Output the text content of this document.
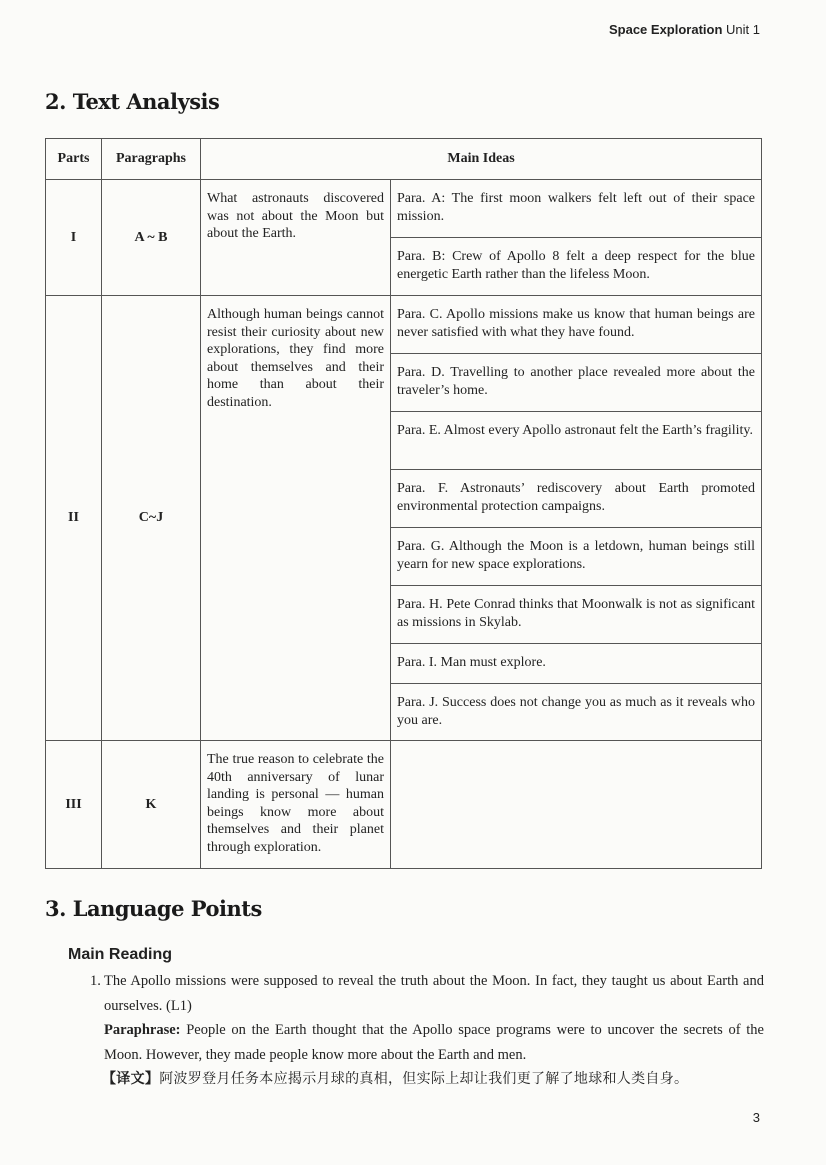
Space Exploration Unit 1
2. Text Analysis
Parts	Paragraphs	Main Ideas	
I	A ~ B	What astronauts discovered was not about the Moon but about the Earth.	Para. A: The first moon walkers felt left out of their space mission.
			Para. B: Crew of Apollo 8 felt a deep respect for the blue energetic Earth rather than the lifeless Moon.
II	C~J	Although human beings cannot resist their curiosity about new explorations, they find more about themselves and their home than about their destination.	Para. C. Apollo missions make us know that human beings are never satisfied with what they have found.
			Para. D. Travelling to another place revealed more about the traveler’s home.
			Para. E. Almost every Apollo astronaut felt the Earth’s fragility.
			Para. F. Astronauts’ rediscovery about Earth promoted environmental protection campaigns.
			Para. G. Although the Moon is a letdown, human beings still yearn for new space explorations.
			Para. H. Pete Conrad thinks that Moonwalk is not as significant as missions in Skylab.
			Para. I. Man must explore.
			Para. J. Success does not change you as much as it reveals who you are.
III	K	The true reason to celebrate the 40th anniversary of lunar landing is personal — human beings know more about themselves and their planet through exploration.	
3. Language Points
Main Reading

1. The Apollo missions were supposed to reveal the truth about the Moon. In fact, they taught us about Earth and ourselves. (L1)

Paraphrase: People on the Earth thought that the Apollo space programs were to uncover the secrets of the Moon. However, they made people know more about the Earth and men.

【译文】阿波罗登月任务本应揭示月球的真相，但实际上却让我们更了解了地球和人类自身。

3
